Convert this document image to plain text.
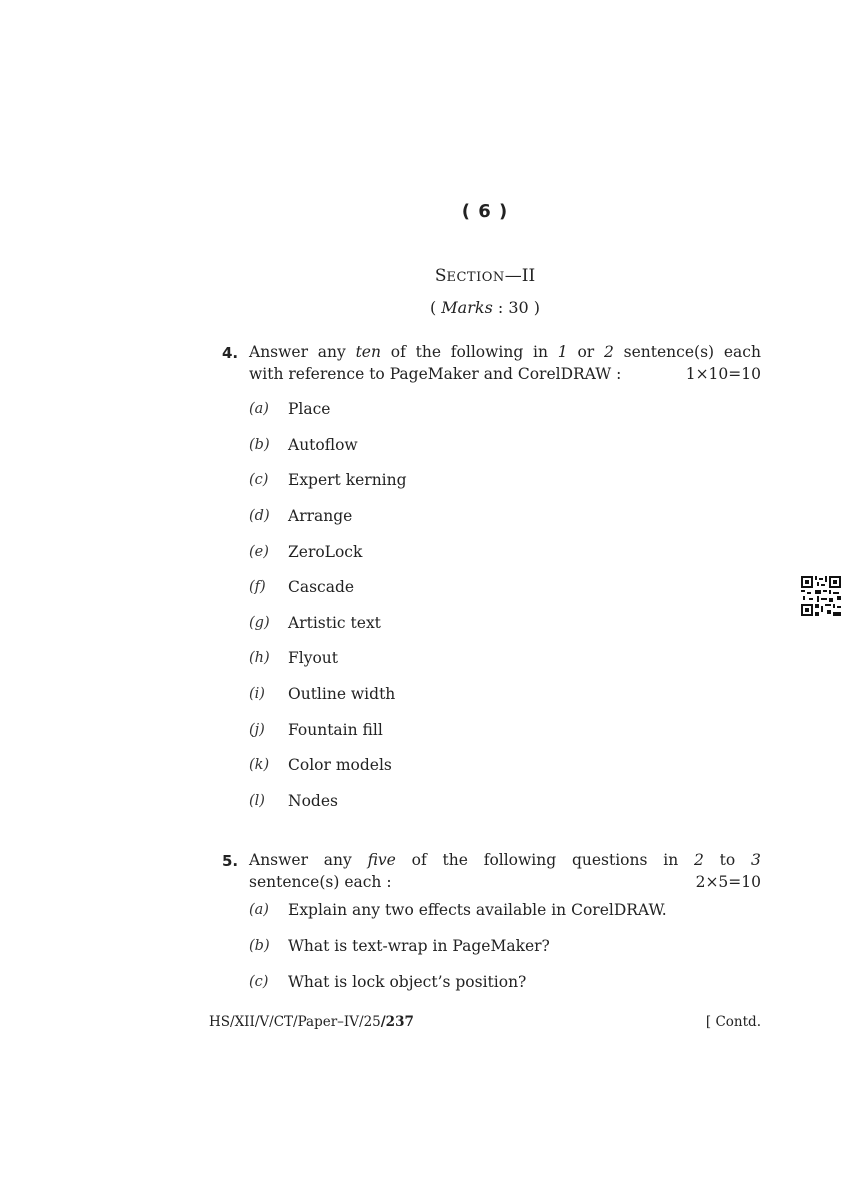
( 6 )
SECTION—II
( Marks : 30 )
4. Answer any ten of the following in 1 or 2 sentence(s) each
with reference to PageMaker and CorelDRAW :	1×10=10
(a) Place
(b) Autoflow
(c) Expert kerning
(d) Arrange
(e) ZeroLock
(f) Cascade
(g) Artistic text
(h) Flyout
(i) Outline width
(j) Fountain fill
(k) Color models
(l) Nodes
5. Answer any five of the following questions in 2 to 3
sentence(s) each :	2×5=10
(a) Explain any two effects available in CorelDRAW.
(b) What is text-wrap in PageMaker?
(c) What is lock object’s position?
HS/XII/V/CT/Paper–IV/25/237	[ Contd.
